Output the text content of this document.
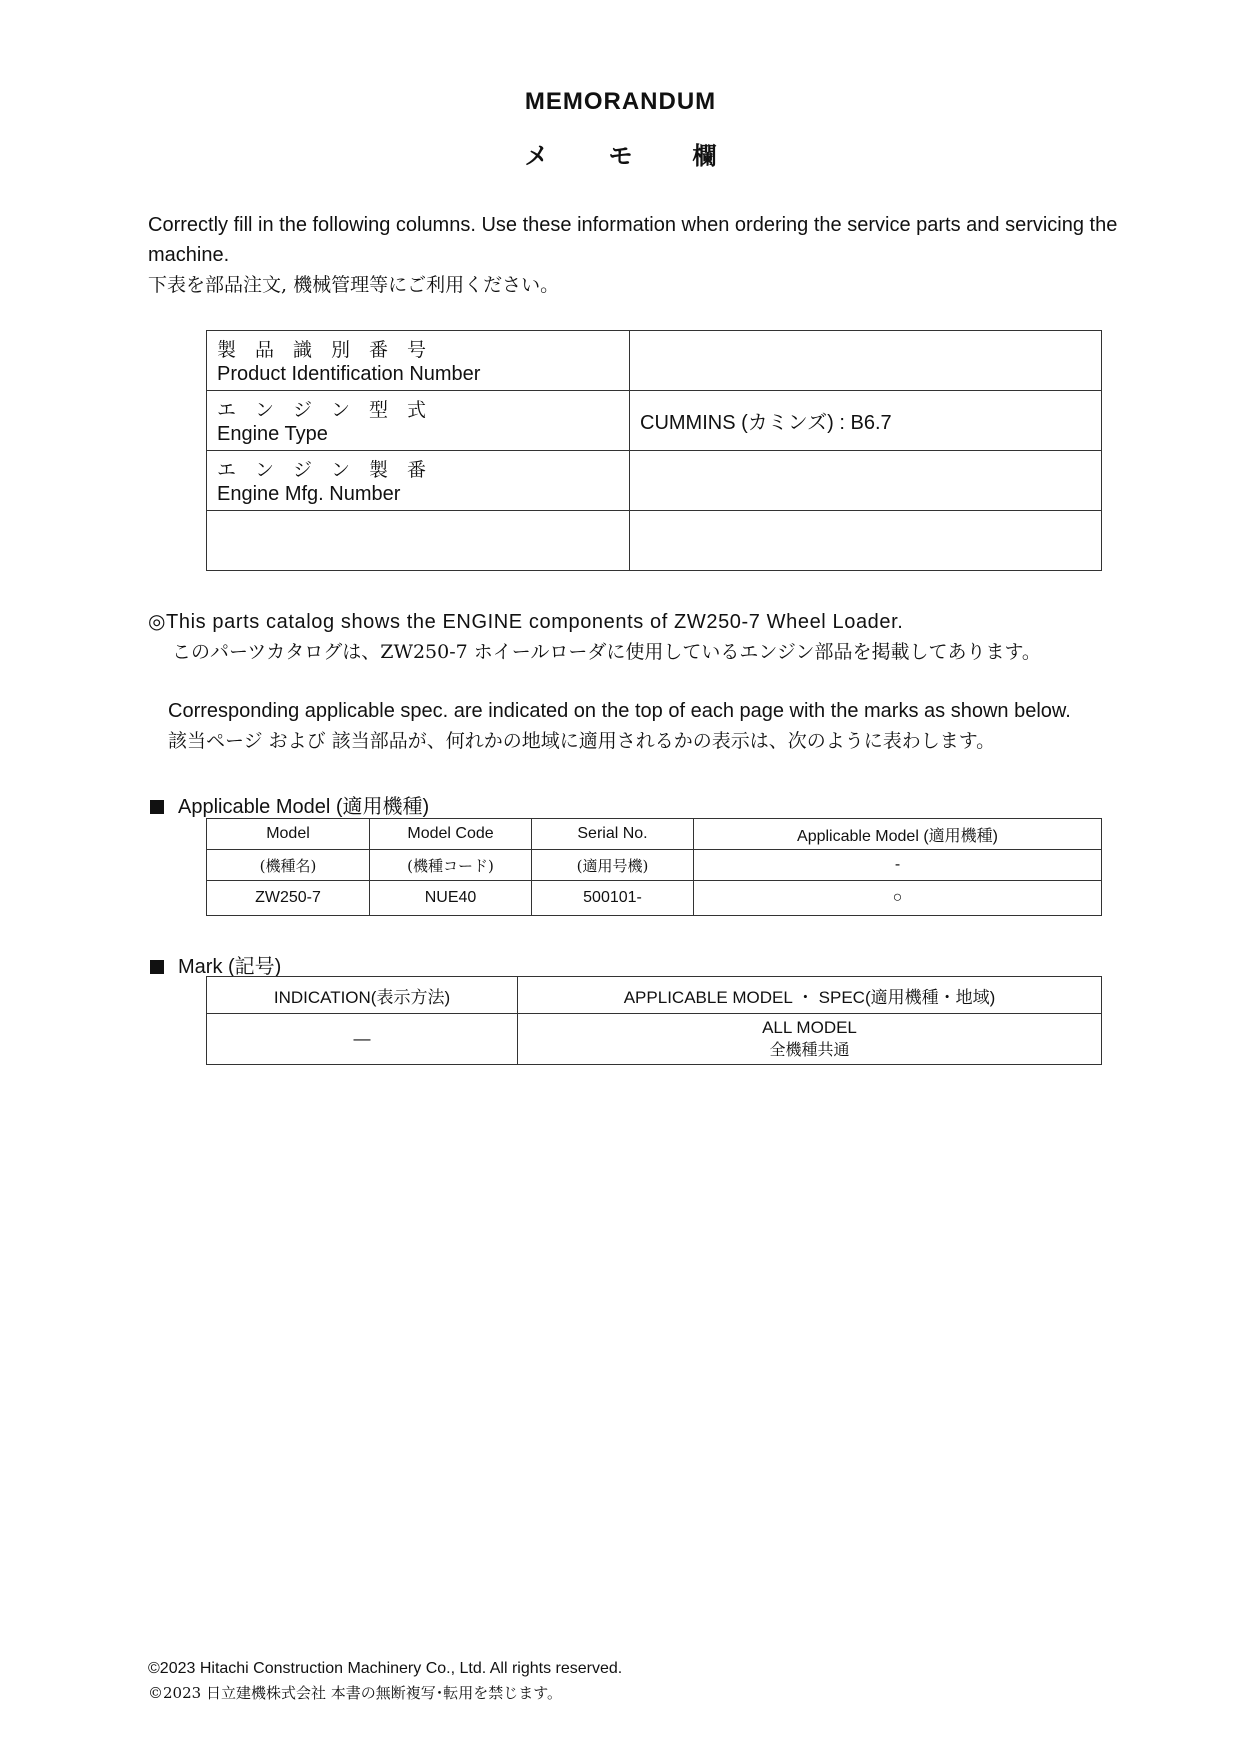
MEMORANDUM
メ	モ	欄
Correctly fill in the following columns. Use these information when ordering the service parts and servicing the machine.
下表を部品注文, 機械管理等にご利用ください。
製　品　識　別　番　号
Product Identification Number	

エ　ン　ジ　ン　型　式
Engine Type	CUMMINS (カミンズ) : B6.7

エ　ン　ジ　ン　製　番
Engine Mfg. Number	

◎This parts catalog shows the ENGINE components of ZW250-7 Wheel Loader.
このパーツカタログは、ZW250-7 ホイールローダに使用しているエンジン部品を掲載してあります。
Corresponding applicable spec. are indicated on the top of each page with the marks as shown below.
該当ページ および 該当部品が、何れかの地域に適用されるかの表示は、次のように表わします。
Applicable Model (適用機種)
Model	Model Code	Serial No.	Applicable Model (適用機種)
(機種名)	(機種コード)	(適用号機)	-
ZW250-7	NUE40	500101-	○
Mark (記号)
INDICATION(表示方法)	APPLICABLE MODEL ・ SPEC(適用機種・地域)
―	ALL MODEL
全機種共通
©2023 Hitachi Construction Machinery Co., Ltd. All rights reserved.
©2023 日立建機株式会社 本書の無断複写･転用を禁じます。
